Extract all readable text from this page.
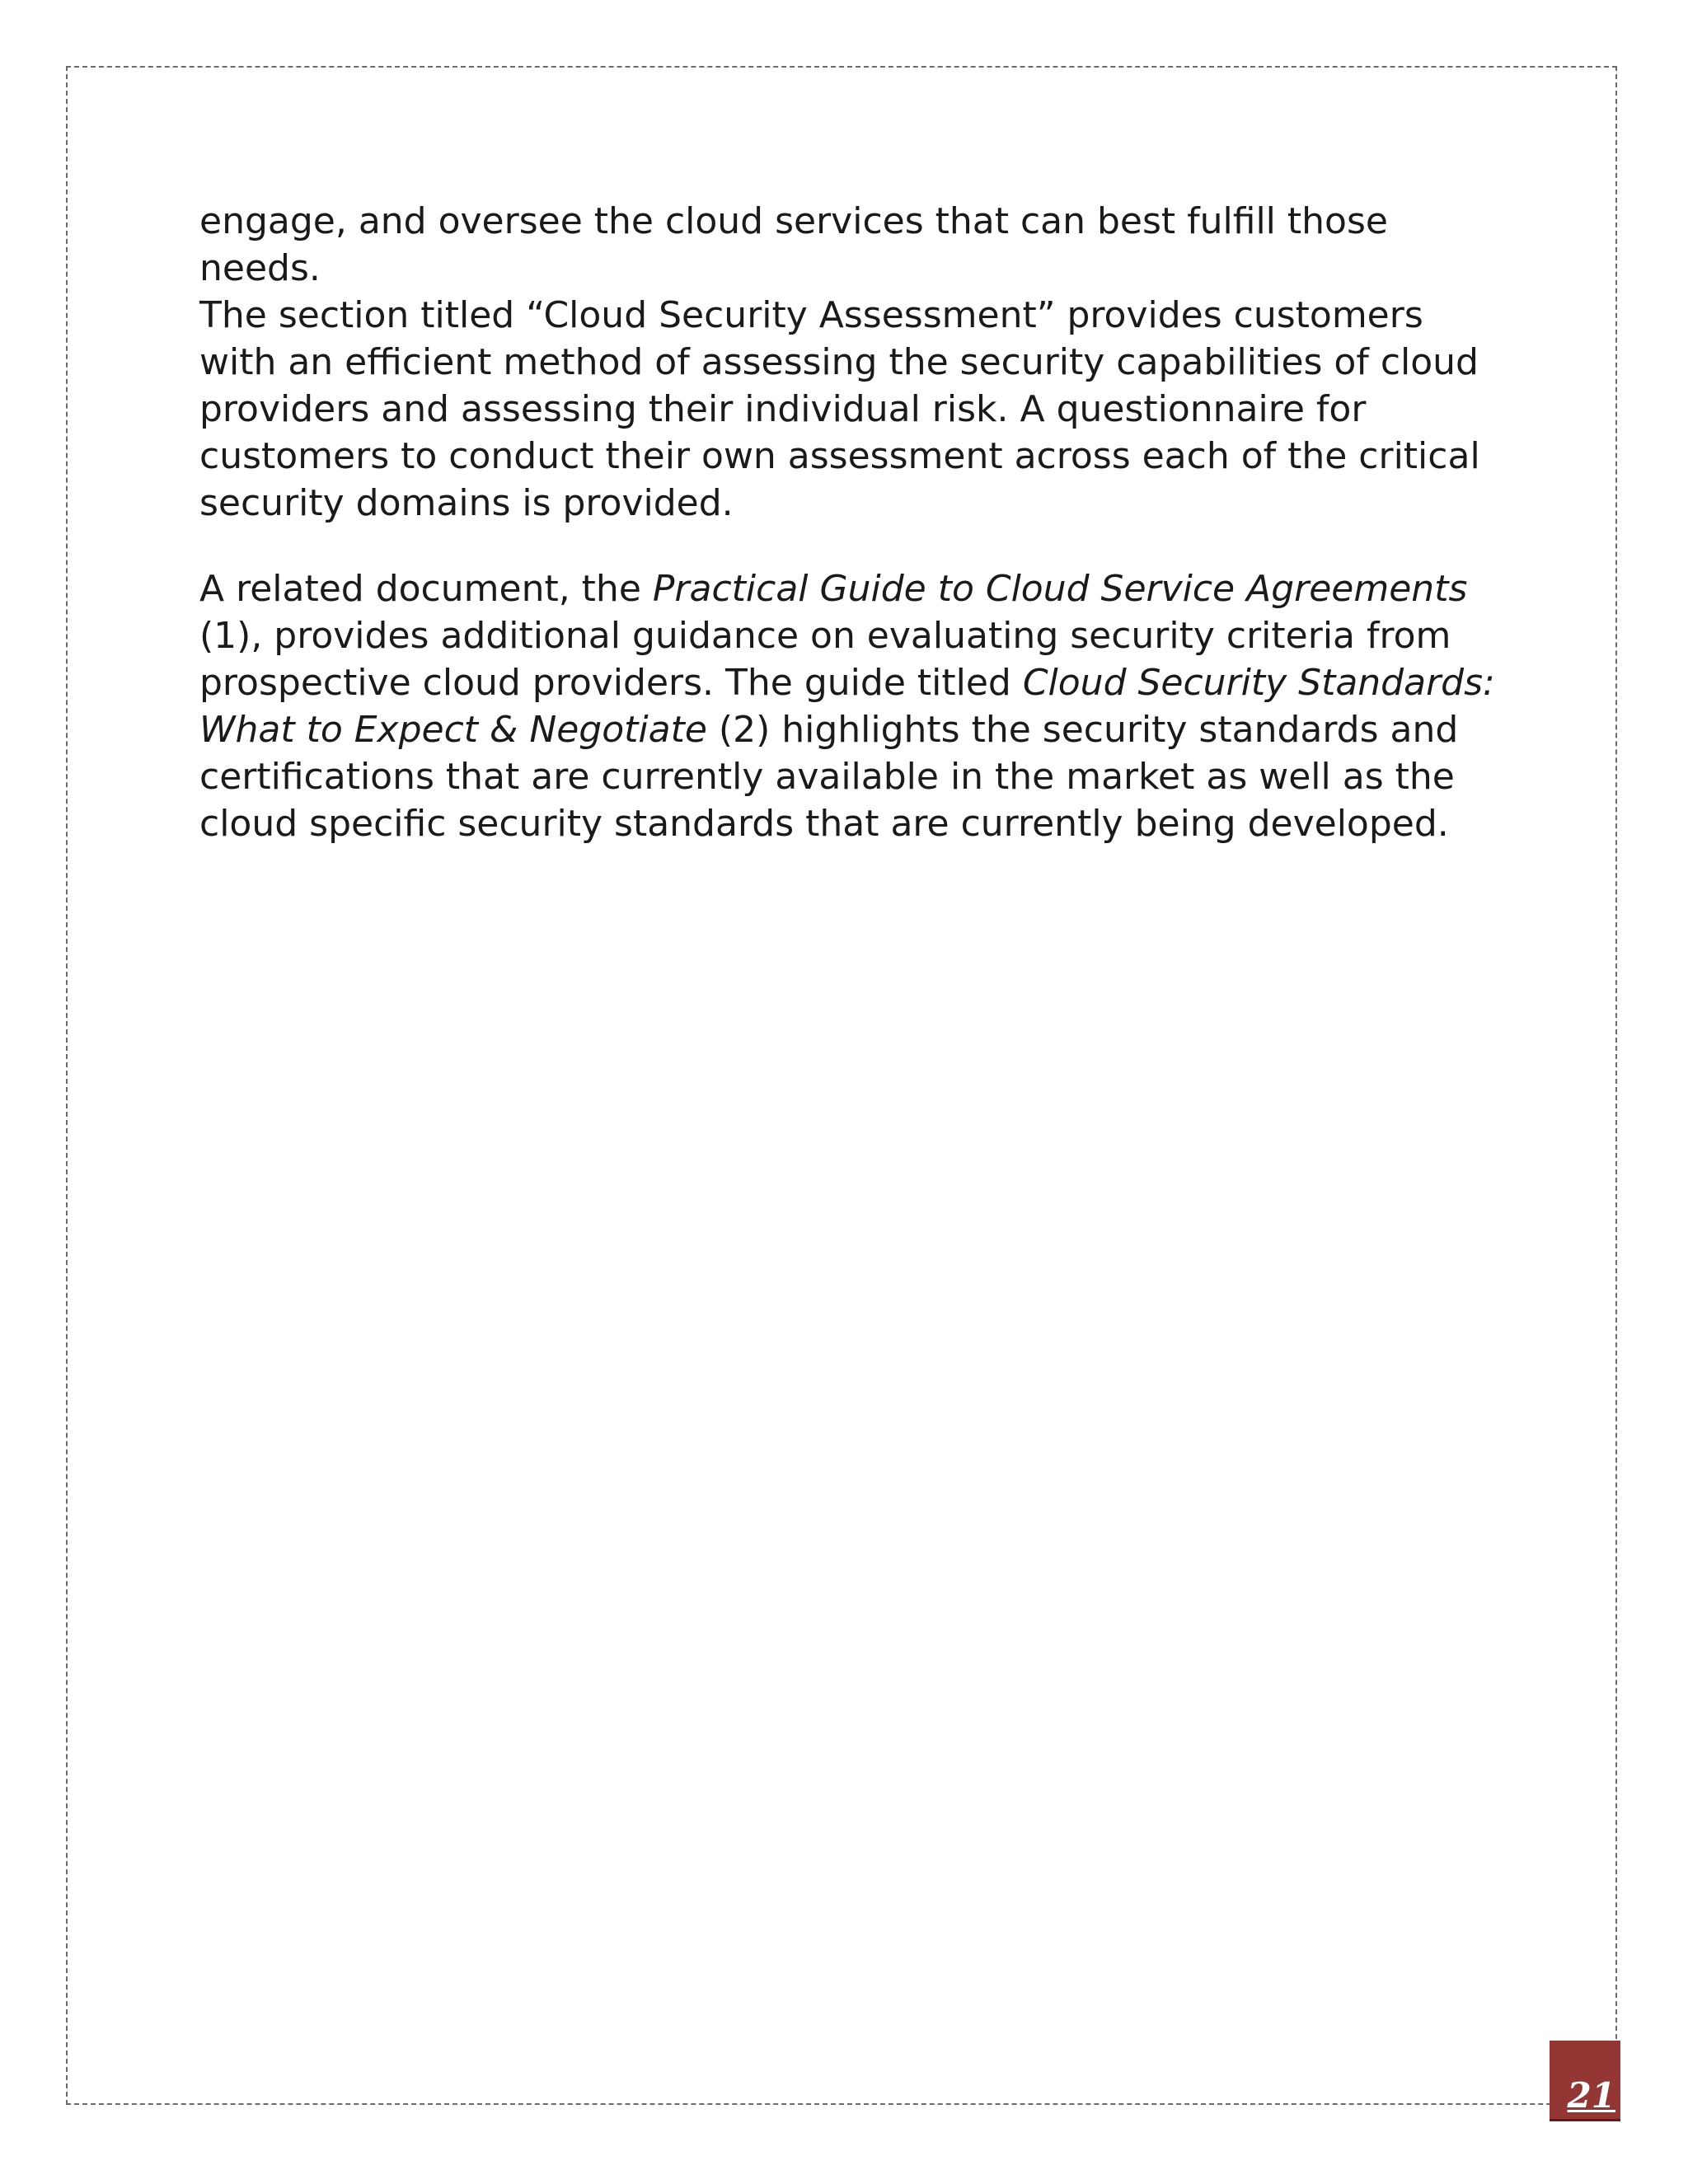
engage, and oversee the cloud services that can best fulfill those needs.

The section titled “Cloud Security Assessment” provides customers with an efficient method of assessing the security capabilities of cloud providers and assessing their individual risk. A questionnaire for customers to conduct their own assessment across each of the critical security domains is provided.

A related document, the Practical Guide to Cloud Service Agreements (1), provides additional guidance on evaluating security criteria from prospective cloud providers. The guide titled Cloud Security Standards: What to Expect & Negotiate (2) highlights the security standards and certifications that are currently available in the market as well as the cloud specific security standards that are currently being developed.

21
